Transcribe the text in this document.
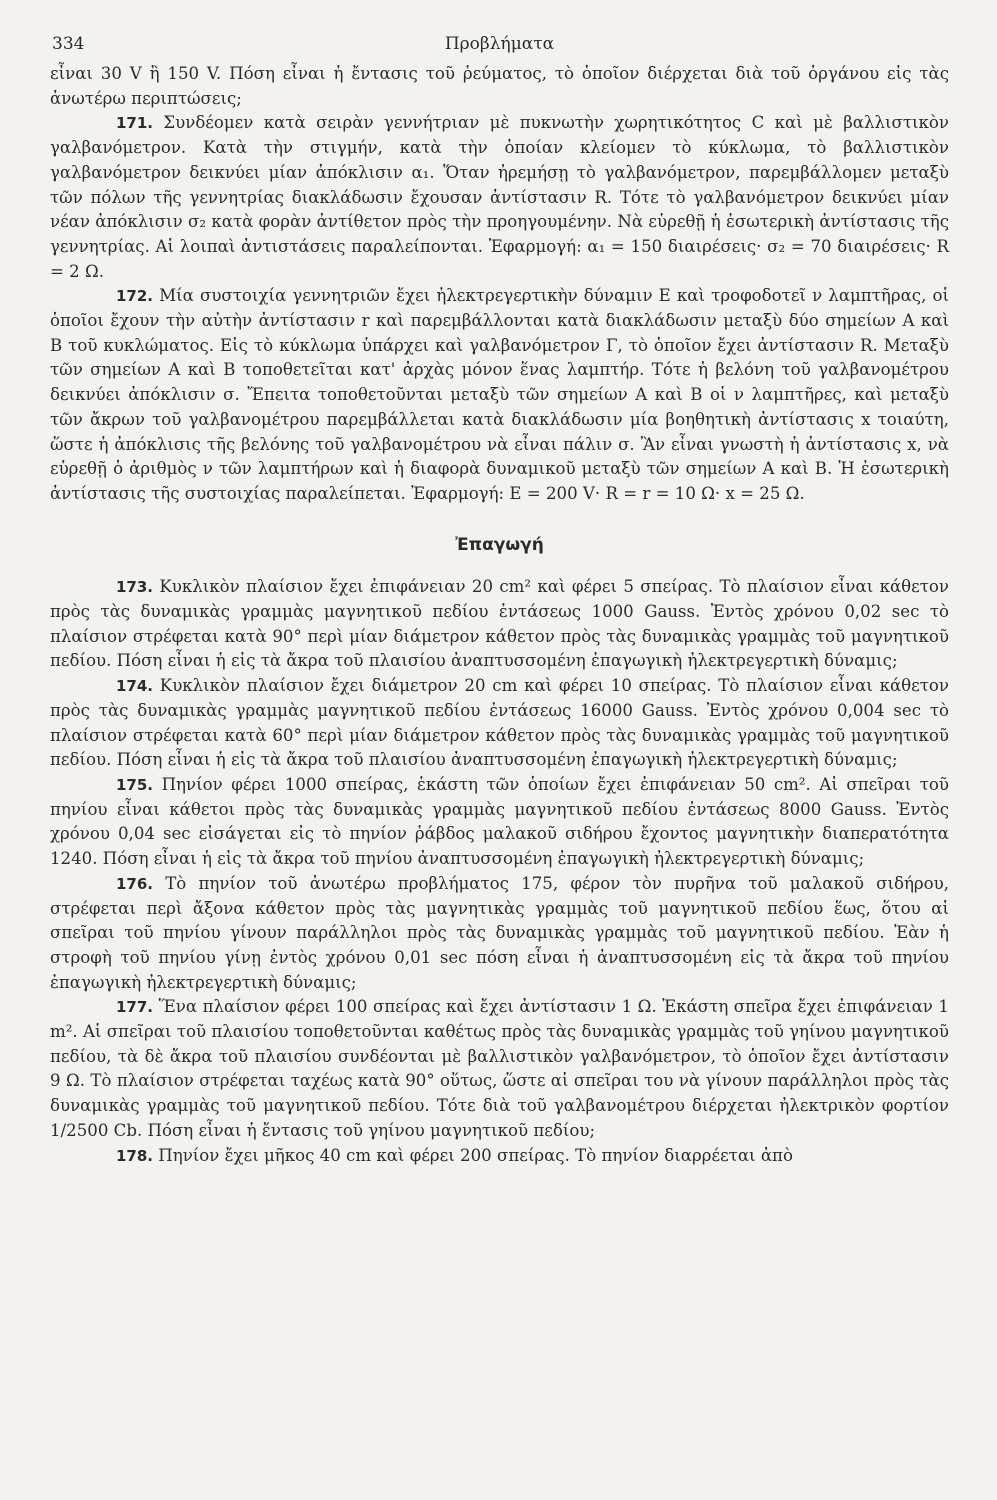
334	Προβλήματα

εἶναι 30 V ἢ 150 V. Πόση εἶναι ἡ ἔντασις τοῦ ῥεύματος, τὸ ὁποῖον διέρχεται διὰ τοῦ ὀργάνου εἰς τὰς ἀνωτέρω περιπτώσεις;

171. Συνδέομεν κατὰ σειρὰν γεννήτριαν μὲ πυκνωτὴν χωρητικότητος C καὶ μὲ βαλλιστικὸν γαλβανόμετρον. Κατὰ τὴν στιγμήν, κατὰ τὴν ὁποίαν κλείομεν τὸ κύκλωμα, τὸ βαλλιστικὸν γαλβανόμετρον δεικνύει μίαν ἀπόκλισιν α₁. Ὅταν ἠρεμήσῃ τὸ γαλβανόμετρον, παρεμβάλλομεν μεταξὺ τῶν πόλων τῆς γεννητρίας διακλάδωσιν ἔχουσαν ἀντίστασιν R. Τότε τὸ γαλβανόμετρον δεικνύει μίαν νέαν ἀπόκλισιν σ₂ κατὰ φορὰν ἀντίθετον πρὸς τὴν προηγουμένην. Νὰ εὑρεθῇ ἡ ἐσωτερικὴ ἀντίστασις τῆς γεννητρίας. Αἱ λοιπαὶ ἀντιστάσεις παραλείπονται. Ἐφαρμογή: α₁ = 150 διαιρέσεις· σ₂ = 70 διαιρέσεις· R = 2 Ω.

172. Μία συστοιχία γεννητριῶν ἔχει ἠλεκτρεγερτικὴν δύναμιν E καὶ τροφοδοτεῖ ν λαμπτῆρας, οἱ ὁποῖοι ἔχουν τὴν αὐτὴν ἀντίστασιν r καὶ παρεμβάλλονται κατὰ διακλάδωσιν μεταξὺ δύο σημείων A καὶ B τοῦ κυκλώματος. Εἰς τὸ κύκλωμα ὑπάρχει καὶ γαλβανόμετρον Γ, τὸ ὁποῖον ἔχει ἀντίστασιν R. Μεταξὺ τῶν σημείων A καὶ B τοποθετεῖται κατ' ἀρχὰς μόνον ἕνας λαμπτήρ. Τότε ἡ βελόνη τοῦ γαλβανομέτρου δεικνύει ἀπόκλισιν σ. Ἔπειτα τοποθετοῦνται μεταξὺ τῶν σημείων A καὶ B οἱ ν λαμπτῆρες, καὶ μεταξὺ τῶν ἄκρων τοῦ γαλβανομέτρου παρεμβάλλεται κατὰ διακλάδωσιν μία βοηθητικὴ ἀντίστασις x τοιαύτη, ὥστε ἡ ἀπόκλισις τῆς βελόνης τοῦ γαλβανομέτρου νὰ εἶναι πάλιν σ. Ἂν εἶναι γνωστὴ ἡ ἀντίστασις x, νὰ εὑρεθῇ ὁ ἀριθμὸς ν τῶν λαμπτήρων καὶ ἡ διαφορὰ δυναμικοῦ μεταξὺ τῶν σημείων A καὶ B. Ἡ ἐσωτερικὴ ἀντίστασις τῆς συστοιχίας παραλείπεται. Ἐφαρμογή: E = 200 V· R = r = 10 Ω· x = 25 Ω.

Ἐπαγωγή

173. Κυκλικὸν πλαίσιον ἔχει ἐπιφάνειαν 20 cm² καὶ φέρει 5 σπείρας. Τὸ πλαίσιον εἶναι κάθετον πρὸς τὰς δυναμικὰς γραμμὰς μαγνητικοῦ πεδίου ἐντάσεως 1000 Gauss. Ἐντὸς χρόνου 0,02 sec τὸ πλαίσιον στρέφεται κατὰ 90° περὶ μίαν διάμετρον κάθετον πρὸς τὰς δυναμικὰς γραμμὰς τοῦ μαγνητικοῦ πεδίου. Πόση εἶναι ἡ εἰς τὰ ἄκρα τοῦ πλαισίου ἀναπτυσσομένη ἐπαγωγικὴ ἠλεκτρεγερτικὴ δύναμις;

174. Κυκλικὸν πλαίσιον ἔχει διάμετρον 20 cm καὶ φέρει 10 σπείρας. Τὸ πλαίσιον εἶναι κάθετον πρὸς τὰς δυναμικὰς γραμμὰς μαγνητικοῦ πεδίου ἐντάσεως 16000 Gauss. Ἐντὸς χρόνου 0,004 sec τὸ πλαίσιον στρέφεται κατὰ 60° περὶ μίαν διάμετρον κάθετον πρὸς τὰς δυναμικὰς γραμμὰς τοῦ μαγνητικοῦ πεδίου. Πόση εἶναι ἡ εἰς τὰ ἄκρα τοῦ πλαισίου ἀναπτυσσομένη ἐπαγωγικὴ ἠλεκτρεγερτικὴ δύναμις;

175. Πηνίον φέρει 1000 σπείρας, ἑκάστη τῶν ὁποίων ἔχει ἐπιφάνειαν 50 cm². Αἱ σπεῖραι τοῦ πηνίου εἶναι κάθετοι πρὸς τὰς δυναμικὰς γραμμὰς μαγνητικοῦ πεδίου ἐντάσεως 8000 Gauss. Ἐντὸς χρόνου 0,04 sec εἰσάγεται εἰς τὸ πηνίον ῥάβδος μαλακοῦ σιδήρου ἔχοντος μαγνητικὴν διαπερατότητα 1240. Πόση εἶναι ἡ εἰς τὰ ἄκρα τοῦ πηνίου ἀναπτυσσομένη ἐπαγωγικὴ ἠλεκτρεγερτικὴ δύναμις;

176. Τὸ πηνίον τοῦ ἀνωτέρω προβλήματος 175, φέρον τὸν πυρῆνα τοῦ μαλακοῦ σιδήρου, στρέφεται περὶ ἄξονα κάθετον πρὸς τὰς μαγνητικὰς γραμμὰς τοῦ μαγνητικοῦ πεδίου ἕως, ὅτου αἱ σπεῖραι τοῦ πηνίου γίνουν παράλληλοι πρὸς τὰς δυναμικὰς γραμμὰς τοῦ μαγνητικοῦ πεδίου. Ἐὰν ἡ στροφὴ τοῦ πηνίου γίνῃ ἐντὸς χρόνου 0,01 sec πόση εἶναι ἡ ἀναπτυσσομένη εἰς τὰ ἄκρα τοῦ πηνίου ἐπαγωγικὴ ἠλεκτρεγερτικὴ δύναμις;

177. Ἕνα πλαίσιον φέρει 100 σπείρας καὶ ἔχει ἀντίστασιν 1 Ω. Ἑκάστη σπεῖρα ἔχει ἐπιφάνειαν 1 m². Αἱ σπεῖραι τοῦ πλαισίου τοποθετοῦνται καθέτως πρὸς τὰς δυναμικὰς γραμμὰς τοῦ γηίνου μαγνητικοῦ πεδίου, τὰ δὲ ἄκρα τοῦ πλαισίου συνδέονται μὲ βαλλιστικὸν γαλβανόμετρον, τὸ ὁποῖον ἔχει ἀντίστασιν 9 Ω. Τὸ πλαίσιον στρέφεται ταχέως κατὰ 90° οὕτως, ὥστε αἱ σπεῖραι του νὰ γίνουν παράλληλοι πρὸς τὰς δυναμικὰς γραμμὰς τοῦ μαγνητικοῦ πεδίου. Τότε διὰ τοῦ γαλβανομέτρου διέρχεται ἠλεκτρικὸν φορτίον 1/2500 Cb. Πόση εἶναι ἡ ἔντασις τοῦ γηίνου μαγνητικοῦ πεδίου;

178. Πηνίον ἔχει μῆκος 40 cm καὶ φέρει 200 σπείρας. Τὸ πηνίον διαρρέεται ἀπὸ
